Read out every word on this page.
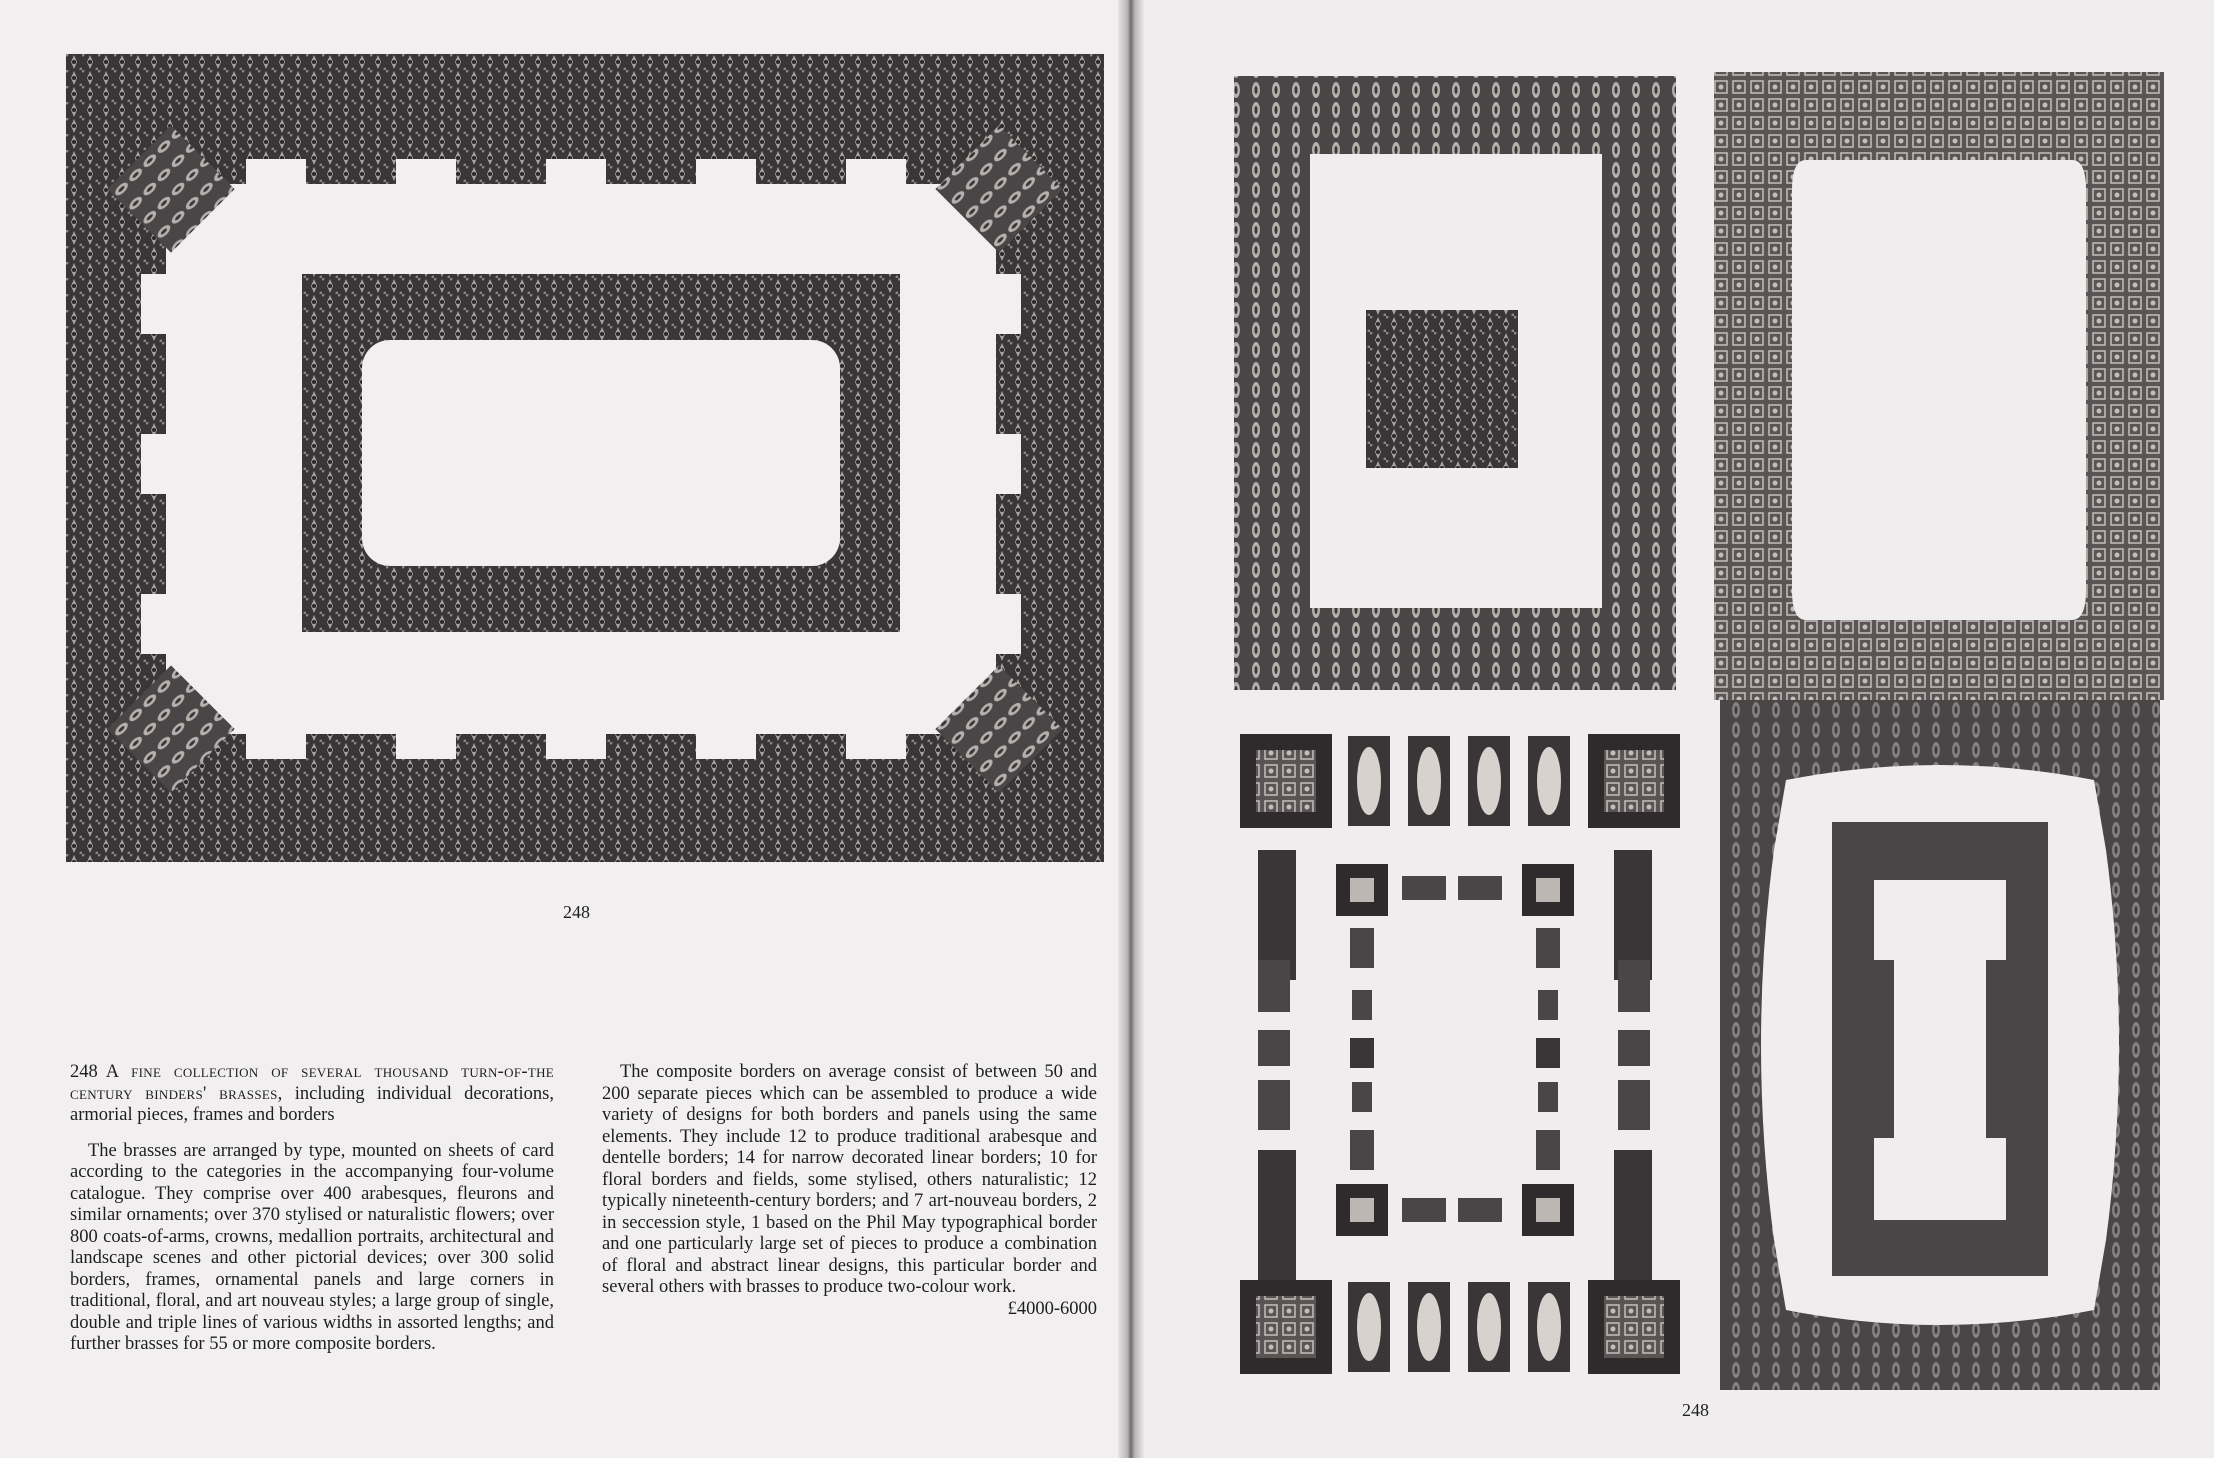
248

248 A fine collection of several thousand turn-of-the century binders' brasses, including individual decorations, armorial pieces, frames and borders

The brasses are arranged by type, mounted on sheets of card according to the categories in the accompanying four-volume catalogue. They comprise over 400 arabesques, fleurons and similar ornaments; over 370 stylised or naturalistic flowers; over 800 coats-of-arms, crowns, medallion portraits, architectural and landscape scenes and other pictorial devices; over 300 solid borders, frames, ornamental panels and large corners in traditional, floral, and art nouveau styles; a large group of single, double and triple lines of various widths in assorted lengths; and further brasses for 55 or more composite borders.

The composite borders on average consist of between 50 and 200 separate pieces which can be assembled to produce a wide variety of designs for both borders and panels using the same elements. They include 12 to produce traditional arabesque and dentelle borders; 14 for narrow decorated linear borders; 10 for floral borders and fields, some stylised, others naturalistic; 12 typically nineteenth-century borders; and 7 art-nouveau borders, 2 in seccession style, 1 based on the Phil May typographical border and one particularly large set of pieces to produce a combination of floral and abstract linear designs, this particular border and several others with brasses to produce two-colour work.
£4000-6000

248
